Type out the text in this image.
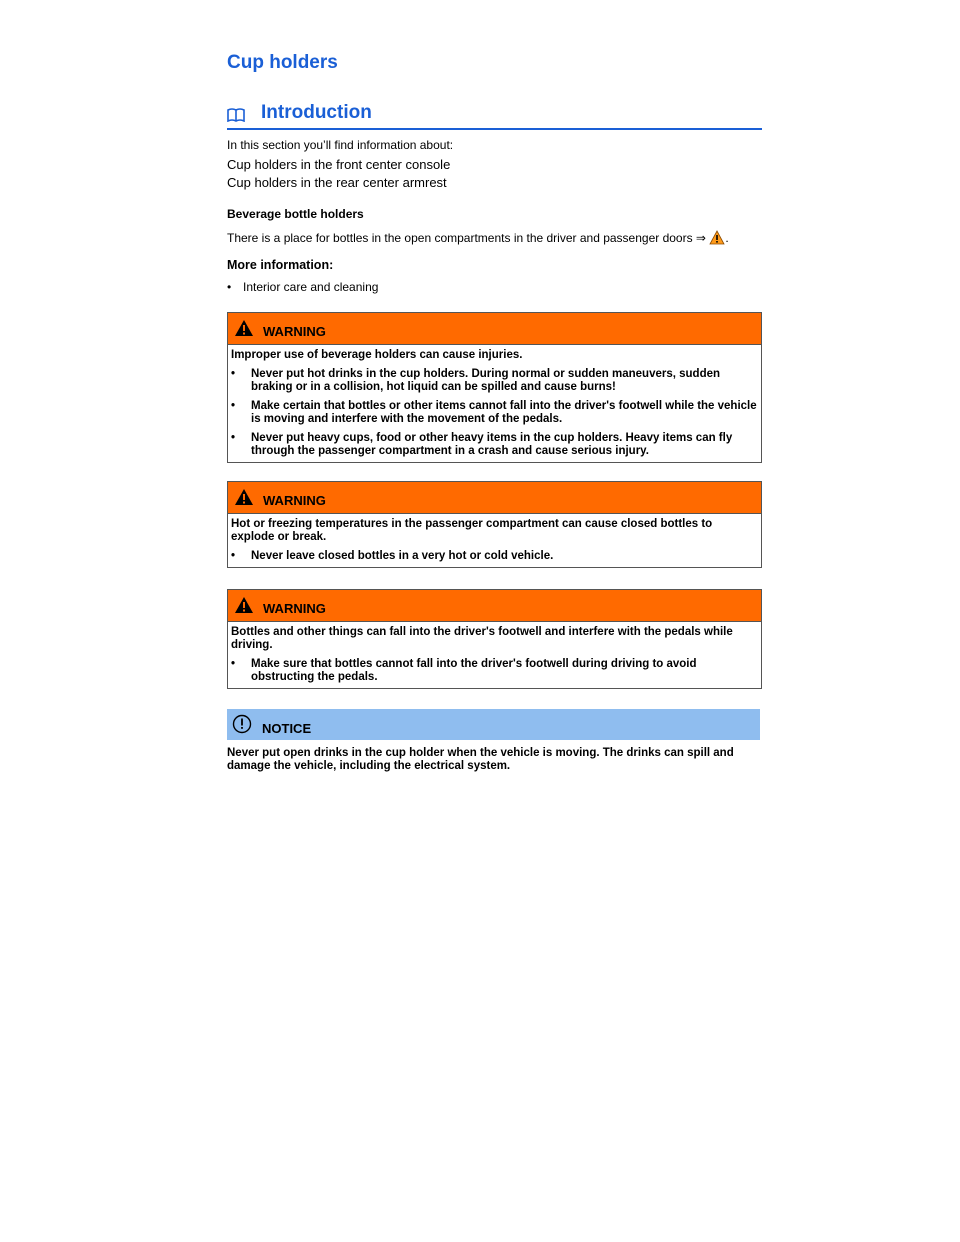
Cup holders
Introduction
In this section you’ll find information about:
Cup holders in the front center console
Cup holders in the rear center armrest
Beverage bottle holders
There is a place for bottles in the open compartments in the driver and passenger doors ⇒ .
More information:
• Interior care and cleaning
WARNING

Improper use of beverage holders can cause injuries.

•	Never put hot drinks in the cup holders. During normal or sudden maneuvers, sudden braking or in a collision, hot liquid can be spilled and cause burns!
•	Make certain that bottles or other items cannot fall into the driver's footwell while the vehicle is moving and interfere with the movement of the pedals.
•	Never put heavy cups, food or other heavy items in the cup holders. Heavy items can fly through the passenger compartment in a crash and cause serious injury.
WARNING

Hot or freezing temperatures in the passenger compartment can cause closed bottles to explode or break.

•	Never leave closed bottles in a very hot or cold vehicle.
WARNING

Bottles and other things can fall into the driver's footwell and interfere with the pedals while driving.

•	Make sure that bottles cannot fall into the driver's footwell during driving to avoid obstructing the pedals.
NOTICE
Never put open drinks in the cup holder when the vehicle is moving. The drinks can spill and damage the vehicle, including the electrical system.
